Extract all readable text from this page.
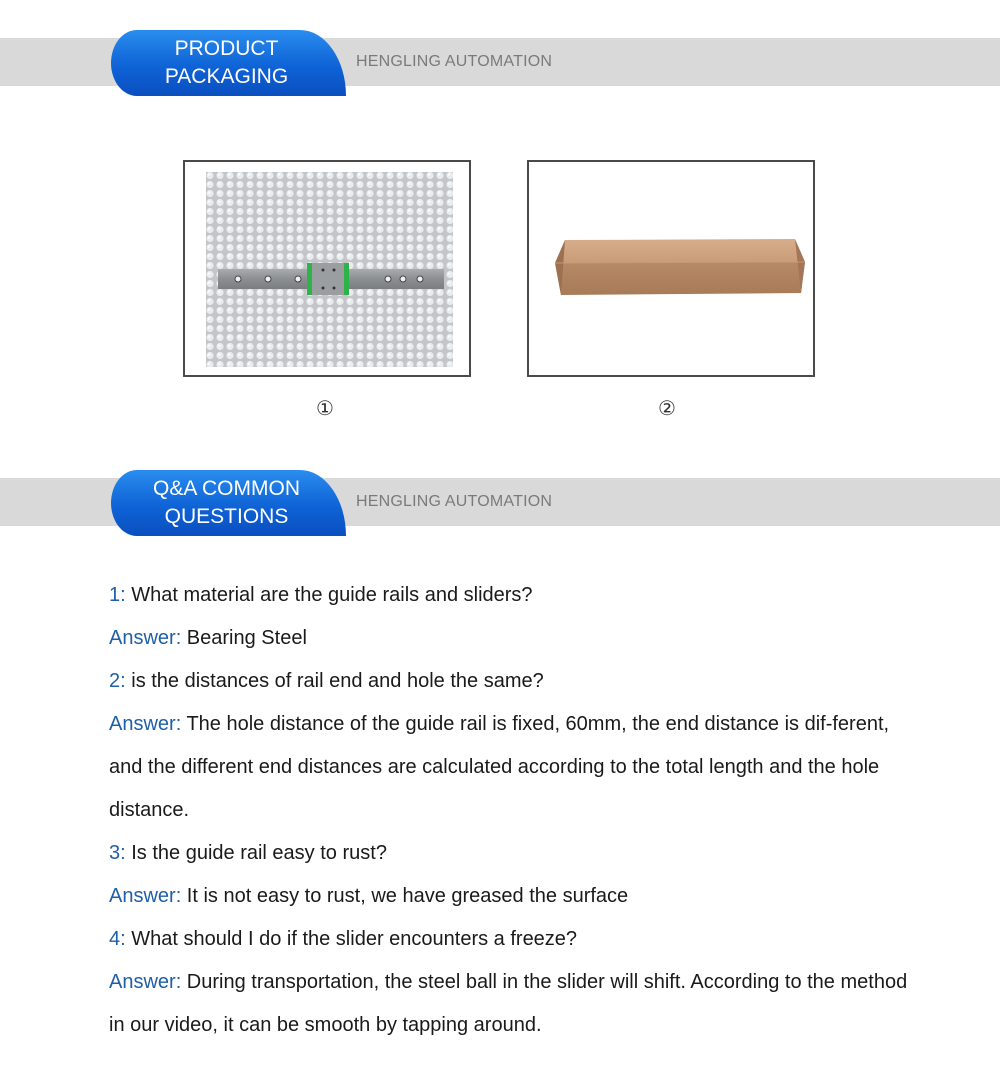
PRODUCT
PACKAGING
HENGLING AUTOMATION
①	②
Q&A COMMON
QUESTIONS
HENGLING AUTOMATION

1: What material are the guide rails and sliders?

Answer: Bearing Steel

2: is the distances of rail end and hole the same?

Answer: The hole distance of the guide rail is fixed, 60mm, the end distance is dif-ferent, and the different end distances are calculated according to the total length and the hole distance.

3: Is the guide rail easy to rust?

Answer: It is not easy to rust, we have greased the surface

4: What should I do if the slider encounters a freeze?

Answer: During transportation, the steel ball in the slider will shift. According to the method in our video, it can be smooth by tapping around.
